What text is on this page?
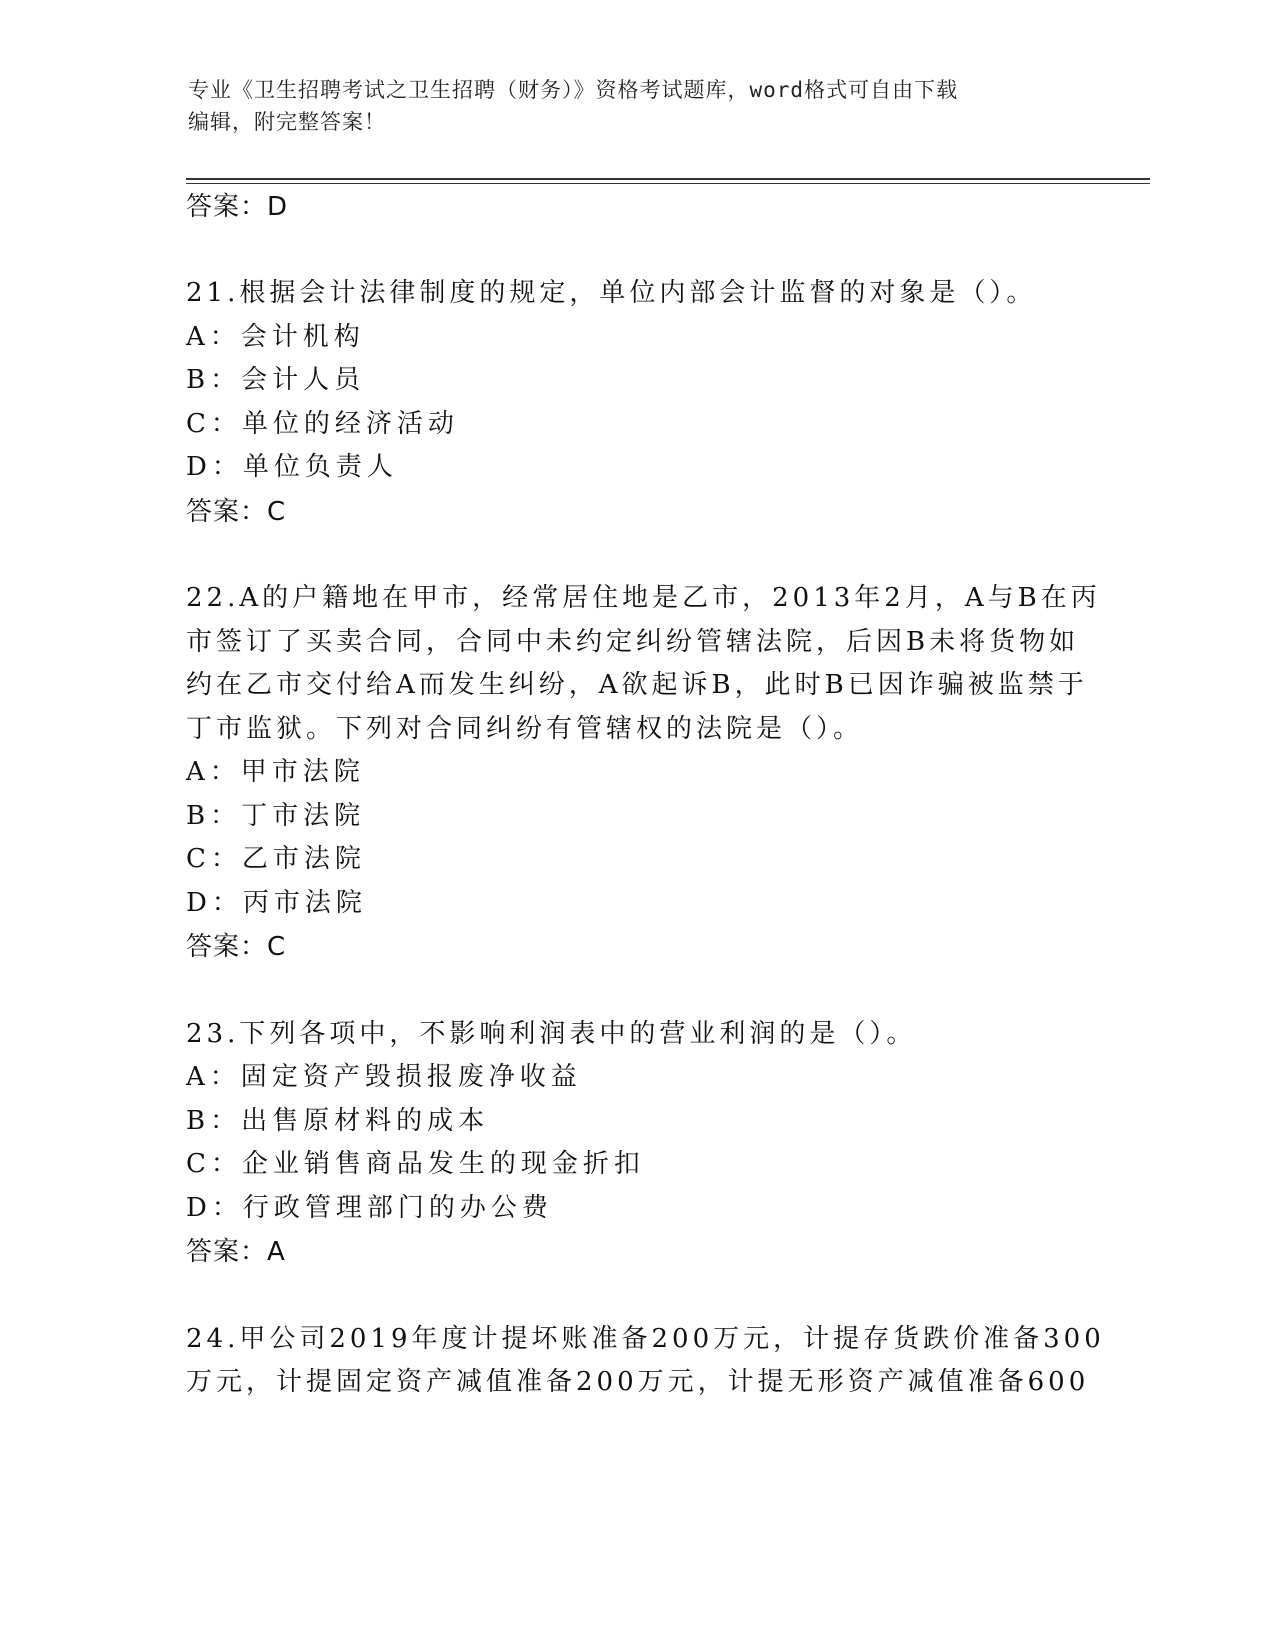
专业《卫生招聘考试之卫生招聘（财务）》资格考试题库，word格式可自由下载
编辑，附完整答案！
答案：D
21.根据会计法律制度的规定，单位内部会计监督的对象是（）。
A：会计机构
B：会计人员
C：单位的经济活动
D：单位负责人
答案：C
22.A的户籍地在甲市，经常居住地是乙市，2013年2月，A与B在丙
市签订了买卖合同，合同中未约定纠纷管辖法院，后因B未将货物如
约在乙市交付给A而发生纠纷，A欲起诉B，此时B已因诈骗被监禁于
丁市监狱。下列对合同纠纷有管辖权的法院是（）。
A：甲市法院
B：丁市法院
C：乙市法院
D：丙市法院
答案：C
23.下列各项中，不影响利润表中的营业利润的是（）。
A：固定资产毁损报废净收益
B：出售原材料的成本
C：企业销售商品发生的现金折扣
D：行政管理部门的办公费
答案：A
24.甲公司2019年度计提坏账准备200万元，计提存货跌价准备300
万元，计提固定资产减值准备200万元，计提无形资产减值准备600
